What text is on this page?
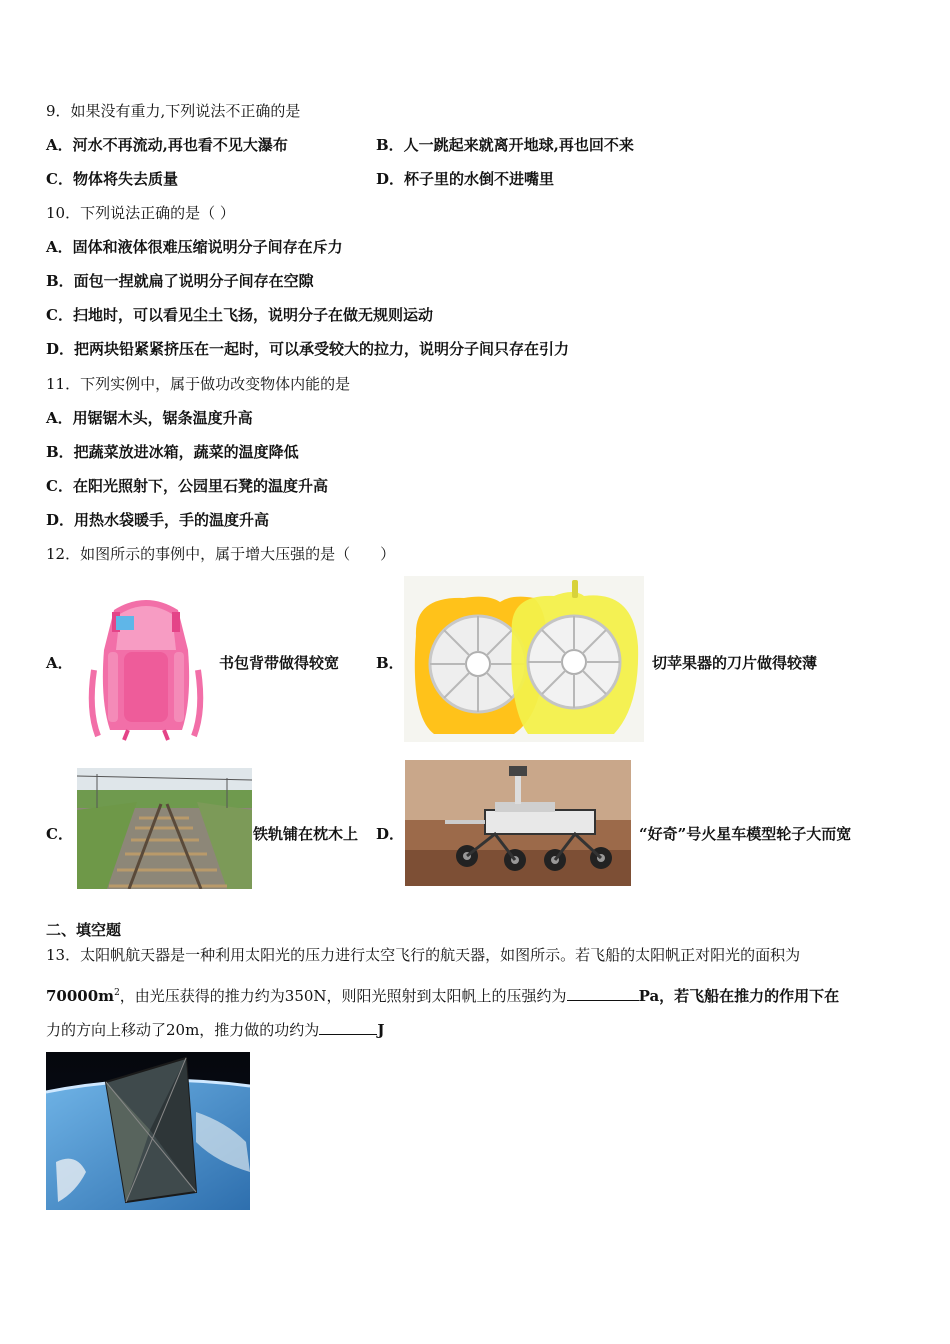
9．如果没有重力,下列说法不正确的是
A．河水不再流动,再也看不见大瀑布	B．人一跳起来就离开地球,再也回不来
C．物体将失去质量	D．杯子里的水倒不进嘴里
10．下列说法正确的是（ ）
A．固体和液体很难压缩说明分子间存在斥力
B．面包一捏就扁了说明分子间存在空隙
C．扫地时，可以看见尘土飞扬，说明分子在做无规则运动
D．把两块铅紧紧挤压在一起时，可以承受较大的拉力，说明分子间只存在引力
11．下列实例中，属于做功改变物体内能的是
A．用锯锯木头，锯条温度升高
B．把蔬菜放进冰箱，蔬菜的温度降低
C．在阳光照射下，公园里石凳的温度升高
D．用热水袋暖手，手的温度升高
12．如图所示的事例中，属于增大压强的是（　　）
A．	书包背带做得较宽 B．	切苹果器的刀片做得较薄
C．	铁轨铺在枕木上 D．	“好奇”号火星车模型轮子大而宽
二、填空题
13．太阳帆航天器是一种利用太阳光的压力进行太空飞行的航天器，如图所示。若飞船的太阳帆正对阳光的面积为
$70000m^2$，由光压获得的推力约为350N，则阳光照射到太阳帆上的压强约为	Pa，若飞船在推力的作用下在
力的方向上移动了20m，推力做的功约为	J
